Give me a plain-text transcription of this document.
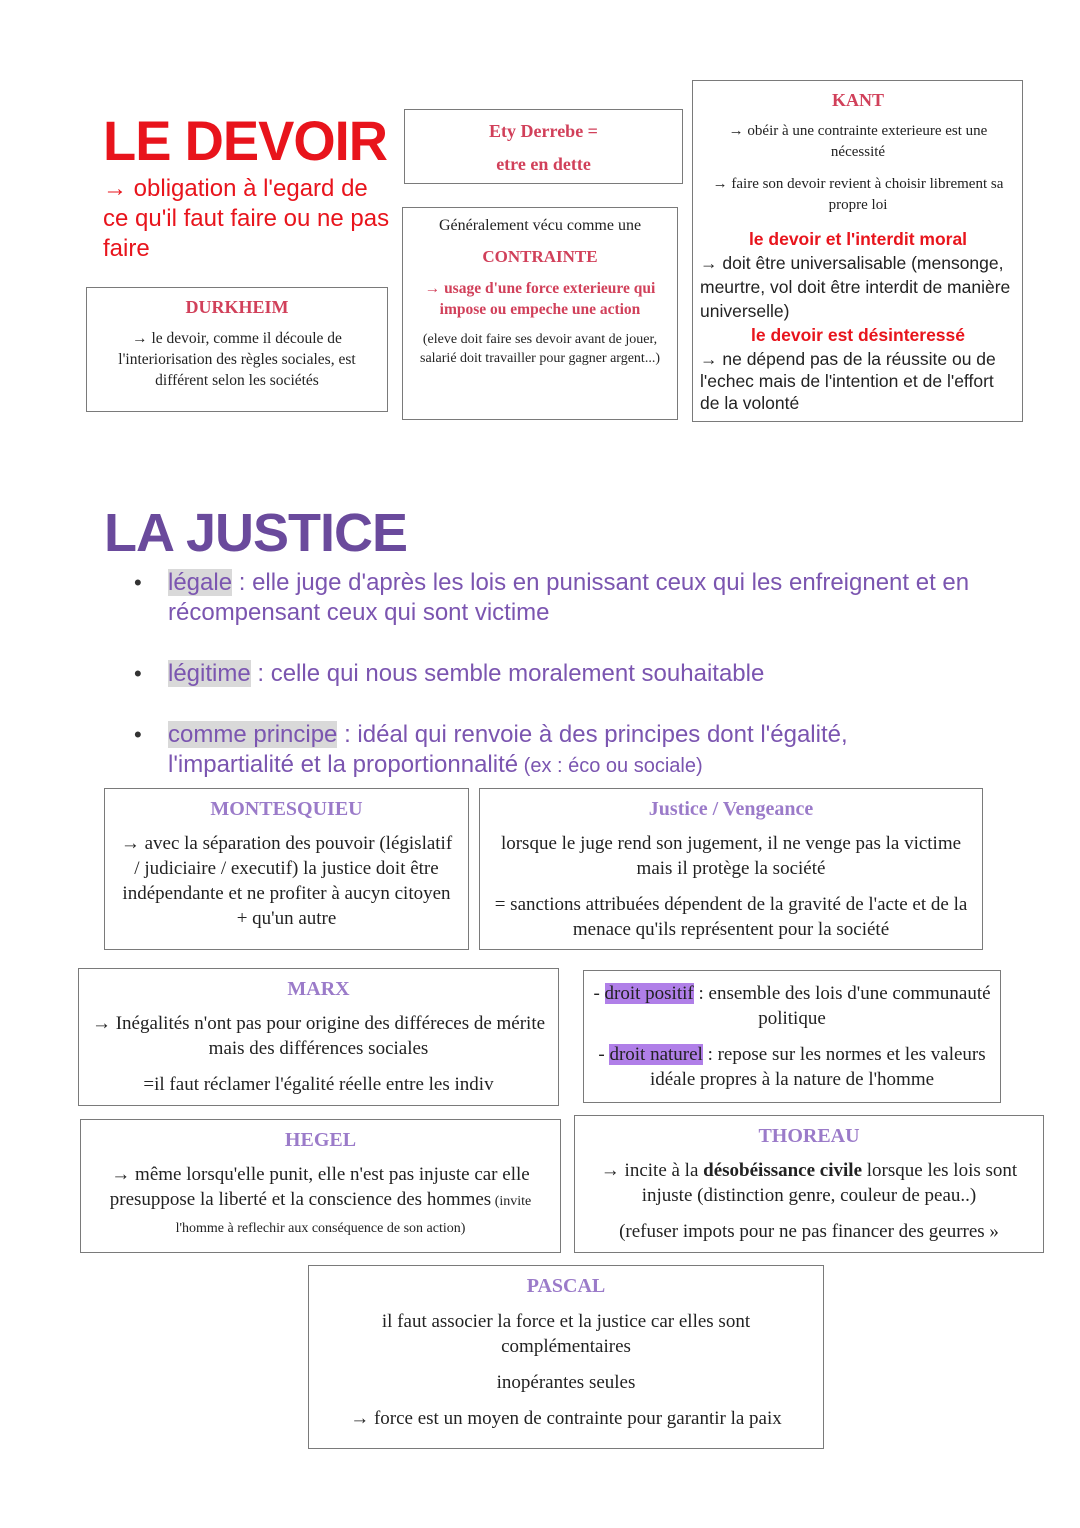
LE DEVOIR
→ obligation à l'egard de ce qu'il faut faire ou ne pas faire

Ety Derrebe =

etre en dette

Généralement vécu comme une

CONTRAINTE

→ usage d'une force exterieure qui impose ou empeche une action

(eleve doit faire ses devoir avant de jouer, salarié doit travailler pour gagner argent...)

DURKHEIM

→ le devoir, comme il découle de l'interiorisation des règles sociales, est différent selon les sociétés

KANT

→ obéir à une contrainte exterieure est une nécessité

→ faire son devoir revient à choisir librement sa propre loi

le devoir et l'interdit moral

→ doit être universalisable (mensonge, meurtre, vol doit être interdit de manière universelle)

le devoir est désinteressé

→ ne dépend pas de la réussite ou de l'echec mais de l'intention et de l'effort de la volonté

LA JUSTICE
• légale : elle juge d'après les lois en punissant ceux qui les enfreignent et en récompensant ceux qui sont victime
• légitime : celle qui nous semble moralement souhaitable
• comme principe : idéal qui renvoie à des principes dont l'égalité, l'impartialité et la proportionnalité (ex : éco ou sociale)

MONTESQUIEU

→ avec la séparation des pouvoir (législatif / judiciaire / executif) la justice doit être indépendante et ne profiter à aucyn citoyen + qu'un autre

Justice / Vengeance

lorsque le juge rend son jugement, il ne venge pas la victime mais il protège la société

= sanctions attribuées dépendent de la gravité de l'acte et de la menace qu'ils représentent pour la société

MARX

→ Inégalités n'ont pas pour origine des différeces de mérite mais des différences sociales

=il faut réclamer l'égalité réelle entre les indiv

- droit positif : ensemble des lois d'une communauté politique

- droit naturel : repose sur les normes et les valeurs idéale propres à la nature de l'homme

HEGEL

→ même lorsqu'elle punit, elle n'est pas injuste car elle presuppose la liberté et la conscience des hommes (invite l'homme à reflechir aux conséquence de son action)

THOREAU

→ incite à la désobéissance civile lorsque les lois sont injuste (distinction genre, couleur de peau..)

(refuser impots pour ne pas financer des geurres »

PASCAL

il faut associer la force et la justice car elles sont complémentaires

inopérantes seules

→ force est un moyen de contrainte pour garantir la paix
